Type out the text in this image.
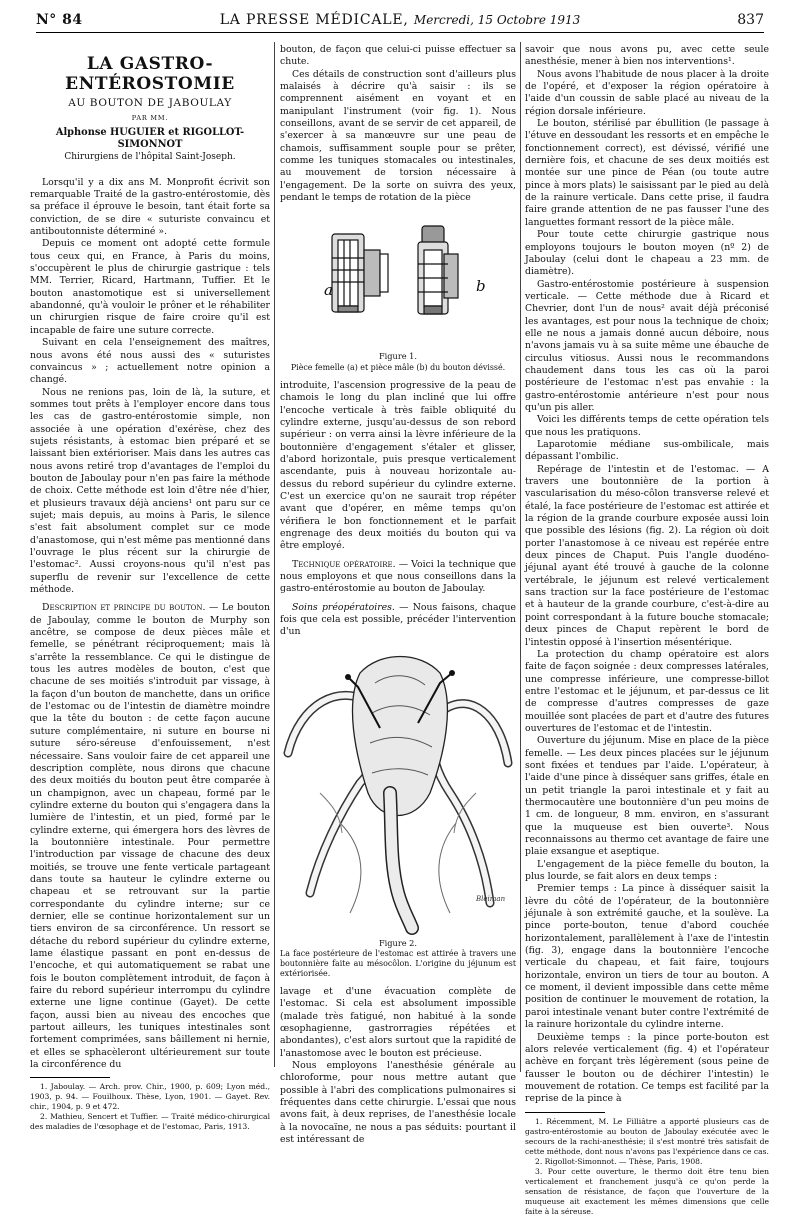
N° 84	LA PRESSE MÉDICALE, Mercredi, 15 Octobre 1913	837
LA GASTRO-ENTÉROSTOMIE
AU BOUTON DE JABOULAY
PAR MM.
Alphonse HUGUIER et RIGOLLOT-SIMONNOT
Chirurgiens de l'hôpital Saint-Joseph.

Lorsqu'il y a dix ans M. Monprofit écrivit son remarquable Traité de la gastro-entérostomie, dès sa préface il éprouve le besoin, tant était forte sa conviction, de se dire « suturiste convaincu et antiboutonniste déterminé ».

Depuis ce moment ont adopté cette formule tous ceux qui, en France, à Paris du moins, s'occupèrent le plus de chirurgie gastrique : tels MM. Terrier, Ricard, Hartmann, Tuffier. Et le bouton anastomotique est si universellement abandonné, qu'à vouloir le prôner et le réhabiliter un chirurgien risque de faire croire qu'il est incapable de faire une suture correcte.

Suivant en cela l'enseignement des maîtres, nous avons été nous aussi des « suturistes convaincus » ; actuellement notre opinion a changé.

Nous ne renions pas, loin de là, la suture, et sommes tout prêts à l'employer encore dans tous les cas de gastro-entérostomie simple, non associée à une opération d'exérèse, chez des sujets résistants, à estomac bien préparé et se laissant bien extérioriser. Mais dans les autres cas nous avons retiré trop d'avantages de l'emploi du bouton de Jaboulay pour n'en pas faire la méthode de choix. Cette méthode est loin d'être née d'hier, et plusieurs travaux déjà anciens¹ ont paru sur ce sujet; mais depuis, au moins à Paris, le silence s'est fait absolument complet sur ce mode d'anastomose, qui n'est même pas mentionné dans l'ouvrage le plus récent sur la chirurgie de l'estomac². Aussi croyons-nous qu'il n'est pas superflu de revenir sur l'excellence de cette méthode.

Description et principe du bouton. — Le bouton de Jaboulay, comme le bouton de Murphy son ancêtre, se compose de deux pièces mâle et femelle, se pénétrant réciproquement; mais là s'arrête la ressemblance. Ce qui le distingue de tous les autres modèles de bouton, c'est que chacune de ses moitiés s'introduit par vissage, à la façon d'un bouton de manchette, dans un orifice de l'estomac ou de l'intestin de diamètre moindre que la tête du bouton : de cette façon aucune suture complémentaire, ni suture en bourse ni suture séro-séreuse d'enfouissement, n'est nécessaire. Sans vouloir faire de cet appareil une description complète, nous dirons que chacune des deux moitiés du bouton peut être comparée à un champignon, avec un chapeau, formé par le cylindre externe du bouton qui s'engagera dans la lumière de l'intestin, et un pied, formé par le cylindre externe, qui émergera hors des lèvres de la boutonnière intestinale. Pour permettre l'introduction par vissage de chacune des deux moitiés, se trouve une fente verticale partageant dans toute sa hauteur le cylindre externe ou chapeau et se retrouvant sur la partie correspondante du cylindre interne; sur ce dernier, elle se continue horizontalement sur un tiers environ de sa circonférence. Un ressort se détache du rebord supérieur du cylindre externe, lame élastique passant en pont en-dessus de l'encoche, et qui automatiquement se rabat une fois le bouton complètement introduit, de façon à faire du rebord supérieur interrompu du cylindre externe une ligne continue (Gayet). De cette façon, aussi bien au niveau des encoches que partout ailleurs, les tuniques intestinales sont fortement comprimées, sans bâillement ni hernie, et elles se sphacèleront ultérieurement sur toute la circonférence du

1. Jaboulay. — Arch. prov. Chir., 1900, p. 609; Lyon méd., 1903, p. 94. — Fouilhoux. Thèse, Lyon, 1901. — Gayet. Rev. chir., 1904, p. 9 et 472.

2. Mathieu, Sencert et Tuffier. — Traité médico-chirurgical des maladies de l'œsophage et de l'estomac, Paris, 1913.

bouton, de façon que celui-ci puisse effectuer sa chute.

Ces détails de construction sont d'ailleurs plus malaisés à décrire qu'à saisir : ils se comprennent aisément en voyant et en manipulant l'instrument (voir fig. 1). Nous conseillons, avant de se servir de cet appareil, de s'exercer à sa manœuvre sur une peau de chamois, suffisamment souple pour se prêter, comme les tuniques stomacales ou intestinales, au mouvement de torsion nécessaire à l'engagement. De la sorte on suivra des yeux, pendant le temps de rotation de la pièce

a	b
Figure 1.
Pièce femelle (a) et pièce mâle (b) du bouton dévissé.

introduite, l'ascension progressive de la peau de chamois le long du plan incliné que lui offre l'encoche verticale à très faible obliquité du cylindre externe, jusqu'au-dessus de son rebord supérieur : on verra ainsi la lèvre inférieure de la boutonnière d'engagement s'étaler et glisser, d'abord horizontale, puis presque verticalement ascendante, puis à nouveau horizontale au-dessus du rebord supérieur du cylindre externe. C'est un exercice qu'on ne saurait trop répéter avant que d'opérer, en même temps qu'on vérifiera le bon fonctionnement et le parfait engrenage des deux moitiés du bouton qui va être employé.

Technique opératoire. — Voici la technique que nous employons et que nous conseillons dans la gastro-entérostomie au bouton de Jaboulay.

Soins préopératoires. — Nous faisons, chaque fois que cela est possible, précéder l'intervention d'un

Bleiman
Figure 2.
La face postérieure de l'estomac est attirée à travers une boutonnière faite au mésocôlon. L'origine du jéjunum est extériorisée.

lavage et d'une évacuation complète de l'estomac. Si cela est absolument impossible (malade très fatigué, non habitué à la sonde œsophagienne, gastrorragies répétées et abondantes), c'est alors surtout que la rapidité de l'anastomose avec le bouton est précieuse.

Nous employons l'anesthésie générale au chloroforme, pour nous mettre autant que possible à l'abri des complications pulmonaires si fréquentes dans cette chirurgie. L'essai que nous avons fait, à deux reprises, de l'anesthésie locale à la novocaïne, ne nous a pas séduits: pourtant il est intéressant de

savoir que nous avons pu, avec cette seule anesthésie, mener à bien nos interventions¹.

Nous avons l'habitude de nous placer à la droite de l'opéré, et d'exposer la région opératoire à l'aide d'un coussin de sable placé au niveau de la région dorsale inférieure.

Le bouton, stérilisé par ébullition (le passage à l'étuve en dessoudant les ressorts et en empêche le fonctionnement correct), est dévissé, vérifié une dernière fois, et chacune de ses deux moitiés est montée sur une pince de Péan (ou toute autre pince à mors plats) le saisissant par le pied au delà de la rainure verticale. Dans cette prise, il faudra faire grande attention de ne pas fausser l'une des languettes formant ressort de la pièce mâle.

Pour toute cette chirurgie gastrique nous employons toujours le bouton moyen (nº 2) de Jaboulay (celui dont le chapeau a 23 mm. de diamètre).

Gastro-entérostomie postérieure à suspension verticale. — Cette méthode due à Ricard et Chevrier, dont l'un de nous² avait déjà préconisé les avantages, est pour nous la technique de choix; elle ne nous a jamais donné aucun déboire, nous n'avons jamais vu à sa suite même une ébauche de circulus vitiosus. Aussi nous le recommandons chaudement dans tous les cas où la paroi postérieure de l'estomac n'est pas envahie : la gastro-entérostomie antérieure n'est pour nous qu'un pis aller.

Voici les différents temps de cette opération tels que nous les pratiquons.

Laparotomie médiane sus-ombilicale, mais dépassant l'ombilic.

Repérage de l'intestin et de l'estomac. — A travers une boutonnière de la portion à vascularisation du méso-côlon transverse relevé et étalé, la face postérieure de l'estomac est attirée et la région de la grande courbure exposée aussi loin que possible des lésions (fig. 2). La région où doit porter l'anastomose à ce niveau est repérée entre deux pinces de Chaput. Puis l'angle duodéno-jéjunal ayant été trouvé à gauche de la colonne vertébrale, le jéjunum est relevé verticalement sans traction sur la face postérieure de l'estomac et à hauteur de la grande courbure, c'est-à-dire au point correspondant à la future bouche stomacale; deux pinces de Chaput repèrent le bord de l'intestin opposé à l'insertion mésentérique.

La protection du champ opératoire est alors faite de façon soignée : deux compresses latérales, une compresse inférieure, une compresse-billot entre l'estomac et le jéjunum, et par-dessus ce lit de compresse d'autres compresses de gaze mouillée sont placées de part et d'autre des futures ouvertures de l'estomac et de l'intestin.

Ouverture du jéjunum. Mise en place de la pièce femelle. — Les deux pinces placées sur le jéjunum sont fixées et tendues par l'aide. L'opérateur, à l'aide d'une pince à disséquer sans griffes, étale en un petit triangle la paroi intestinale et y fait au thermocautère une boutonnière d'un peu moins de 1 cm. de longueur, 8 mm. environ, en s'assurant que la muqueuse est bien ouverte³. Nous reconnaissons au thermo cet avantage de faire une plaie exsangue et aseptique.

L'engagement de la pièce femelle du bouton, la plus lourde, se fait alors en deux temps :

Premier temps : La pince à disséquer saisit la lèvre du côté de l'opérateur, de la boutonnière jéjunale à son extrémité gauche, et la soulève. La pince porte-bouton, tenue d'abord couchée horizontalement, parallèlement à l'axe de l'intestin (fig. 3), engage dans la boutonnière l'encoche verticale du chapeau, et fait faire, toujours horizontale, environ un tiers de tour au bouton. A ce moment, il devient impossible dans cette même position de continuer le mouvement de rotation, la paroi intestinale venant buter contre l'extrémité de la rainure horizontale du cylindre interne.

Deuxième temps : la pince porte-bouton est alors relevée verticalement (fig. 4) et l'opérateur achève en forçant très légèrement (sous peine de fausser le bouton ou de déchirer l'intestin) le mouvement de rotation. Ce temps est facilité par la reprise de la pince à

1. Récemment, M. Le Filliâtre a apporté plusieurs cas de gastro-entérostomie au bouton de Jaboulay exécutée avec le secours de la rachi-anesthésie; il s'est montré très satisfait de cette méthode, dont nous n'avons pas l'expérience dans ce cas.

2. Rigollot-Simonnot. — Thèse, Paris, 1908.

3. Pour cette ouverture, le thermo doit être tenu bien verticalement et franchement jusqu'à ce qu'on perde la sensation de résistance, de façon que l'ouverture de la muqueuse ait exactement les mêmes dimensions que celle faite à la séreuse.
